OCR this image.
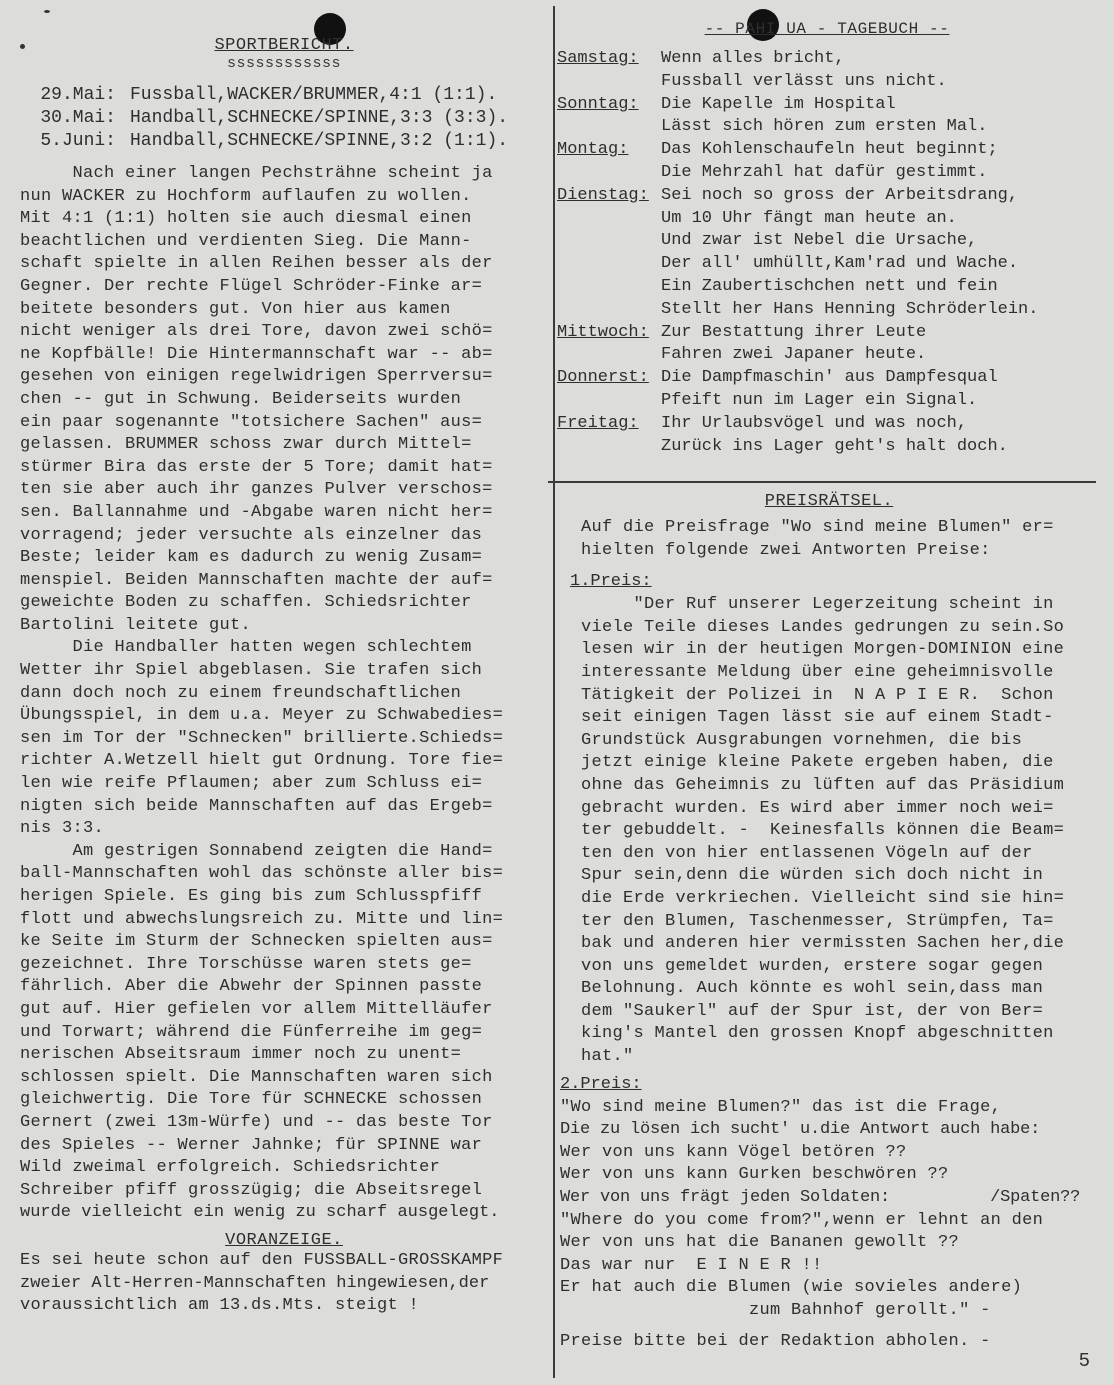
SPORTBERICHT.

ssssssssssss

29.Mai: Fussball,WACKER/BRUMMER,4:1 (1:1).
30.Mai: Handball,SCHNECKE/SPINNE,3:3 (3:3).
5.Juni: Handball,SCHNECKE/SPINNE,3:2 (1:1).

Nach einer langen Pechsträhne scheint ja

nun WACKER zu Hochform auflaufen zu wollen.

Mit 4:1 (1:1) holten sie auch diesmal einen

beachtlichen und verdienten Sieg. Die Mann-

schaft spielte in allen Reihen besser als der

Gegner. Der rechte Flügel Schröder-Finke ar=

beitete besonders gut. Von hier aus kamen

nicht weniger als drei Tore, davon zwei schö=

ne Kopfbälle! Die Hintermannschaft war -- ab=

gesehen von einigen regelwidrigen Sperrversu=

chen -- gut in Schwung. Beiderseits wurden

ein paar sogenannte "totsichere Sachen" aus=

gelassen. BRUMMER schoss zwar durch Mittel=

stürmer Bira das erste der 5 Tore; damit hat=

ten sie aber auch ihr ganzes Pulver verschos=

sen. Ballannahme und -Abgabe waren nicht her=

vorragend; jeder versuchte als einzelner das

Beste; leider kam es dadurch zu wenig Zusam=

menspiel. Beiden Mannschaften machte der auf=

geweichte Boden zu schaffen. Schiedsrichter

Bartolini leitete gut.

Die Handballer hatten wegen schlechtem

Wetter ihr Spiel abgeblasen. Sie trafen sich

dann doch noch zu einem freundschaftlichen

Übungsspiel, in dem u.a. Meyer zu Schwabedies=

sen im Tor der "Schnecken" brillierte.Schieds=

richter A.Wetzell hielt gut Ordnung. Tore fie=

len wie reife Pflaumen; aber zum Schluss ei=

nigten sich beide Mannschaften auf das Ergeb=

nis 3:3.

Am gestrigen Sonnabend zeigten die Hand=

ball-Mannschaften wohl das schönste aller bis=

herigen Spiele. Es ging bis zum Schlusspfiff

flott und abwechslungsreich zu. Mitte und lin=

ke Seite im Sturm der Schnecken spielten aus=

gezeichnet. Ihre Torschüsse waren stets ge=

fährlich. Aber die Abwehr der Spinnen passte

gut auf. Hier gefielen vor allem Mittelläufer

und Torwart; während die Fünferreihe im geg=

nerischen Abseitsraum immer noch zu unent=

schlossen spielt. Die Mannschaften waren sich

gleichwertig. Die Tore für SCHNECKE schossen

Gernert (zwei 13m-Würfe) und -- das beste Tor

des Spieles -- Werner Jahnke; für SPINNE war

Wild zweimal erfolgreich. Schiedsrichter

Schreiber pfiff grosszügig; die Abseitsregel

wurde vielleicht ein wenig zu scharf ausgelegt.

VORANZEIGE.

Es sei heute schon auf den FUSSBALL-GROSSKAMPF

zweier Alt-Herren-Mannschaften hingewiesen,der

voraussichtlich am 13.ds.Mts. steigt !

-- PAHI UA - TAGEBUCH --

Samstag:	Wenn alles bricht,
Fussball verlässt uns nicht.
Sonntag:	Die Kapelle im Hospital
Lässt sich hören zum ersten Mal.
Montag:	Das Kohlenschaufeln heut beginnt;
Die Mehrzahl hat dafür gestimmt.
Dienstag: Sei noch so gross der Arbeitsdrang,
Um 10 Uhr fängt man heute an.
Und zwar ist Nebel die Ursache,
Der all' umhüllt,Kam'rad und Wache.
Ein Zaubertischchen nett und fein
Stellt her Hans Henning Schröderlein.
Mittwoch: Zur Bestattung ihrer Leute
Fahren zwei Japaner heute.
Donnerst: Die Dampfmaschin' aus Dampfesqual
Pfeift nun im Lager ein Signal.
Freitag:	Ihr Urlaubsvögel und was noch,
Zurück ins Lager geht's halt doch.

PREISRÄTSEL.

Auf die Preisfrage "Wo sind meine Blumen" er=

hielten folgende zwei Antworten Preise:

1.Preis:

"Der Ruf unserer Legerzeitung scheint in

viele Teile dieses Landes gedrungen zu sein.So

lesen wir in der heutigen Morgen-DOMINION eine

interessante Meldung über eine geheimnisvolle

Tätigkeit der Polizei in  N A P I E R.  Schon

seit einigen Tagen lässt sie auf einem Stadt-

Grundstück Ausgrabungen vornehmen, die bis

jetzt einige kleine Pakete ergeben haben, die

ohne das Geheimnis zu lüften auf das Präsidium

gebracht wurden. Es wird aber immer noch wei=

ter gebuddelt. -  Keinesfalls können die Beam=

ten den von hier entlassenen Vögeln auf der

Spur sein,denn die würden sich doch nicht in

die Erde verkriechen. Vielleicht sind sie hin=

ter den Blumen, Taschenmesser, Strümpfen, Ta=

bak und anderen hier vermissten Sachen her,die

von uns gemeldet wurden, erstere sogar gegen

Belohnung. Auch könnte es wohl sein,dass man

dem "Saukerl" auf der Spur ist, der von Ber=

king's Mantel den grossen Knopf abgeschnitten

hat."

2.Preis:

"Wo sind meine Blumen?" das ist die Frage,

Die zu lösen ich sucht' u.die Antwort auch habe:

Wer von uns kann Vögel betören ??

Wer von uns kann Gurken beschwören ??

Wer von uns frägt jeden Soldaten:          /Spaten??

"Where do you come from?",wenn er lehnt an den

Wer von uns hat die Bananen gewollt ??

Das war nur  E I N E R !!

Er hat auch die Blumen (wie sovieles andere)

zum Bahnhof gerollt." -

Preise bitte bei der Redaktion abholen. -

5
